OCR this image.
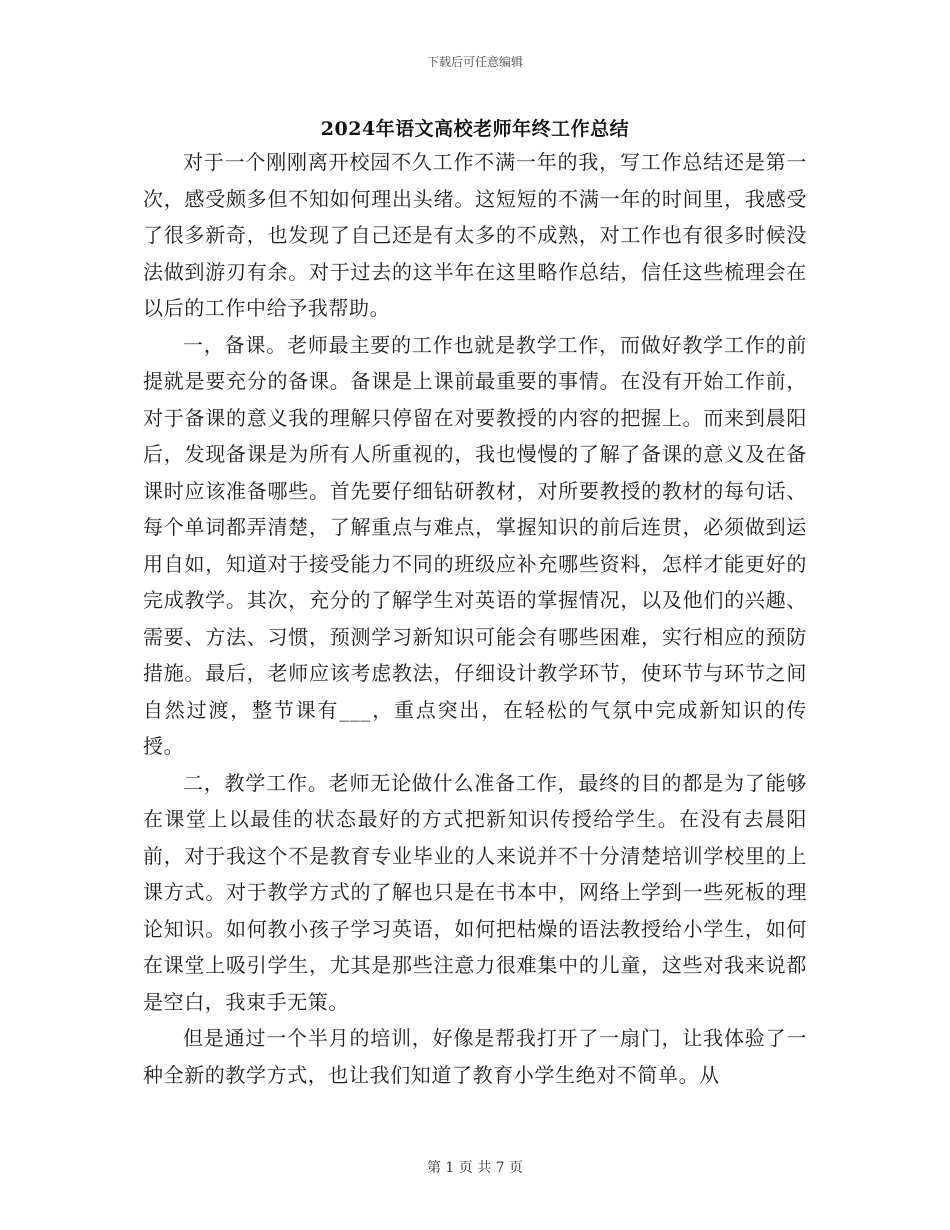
下载后可任意编辑
2024年语文高校老师年终工作总结

对于一个刚刚离开校园不久工作不满一年的我，写工作总结还是第一次，感受颇多但不知如何理出头绪。这短短的不满一年的时间里，我感受了很多新奇，也发现了自己还是有太多的不成熟，对工作也有很多时候没法做到游刃有余。对于过去的这半年在这里略作总结，信任这些梳理会在以后的工作中给予我帮助。

一，备课。老师最主要的工作也就是教学工作，而做好教学工作的前提就是要充分的备课。备课是上课前最重要的事情。在没有开始工作前，对于备课的意义我的理解只停留在对要教授的内容的把握上。而来到晨阳后，发现备课是为所有人所重视的，我也慢慢的了解了备课的意义及在备课时应该准备哪些。首先要仔细钻研教材，对所要教授的教材的每句话、每个单词都弄清楚，了解重点与难点，掌握知识的前后连贯，必须做到运用自如，知道对于接受能力不同的班级应补充哪些资料，怎样才能更好的完成教学。其次，充分的了解学生对英语的掌握情况，以及他们的兴趣、需要、方法、习惯，预测学习新知识可能会有哪些困难，实行相应的预防措施。最后，老师应该考虑教法，仔细设计教学环节，使环节与环节之间自然过渡，整节课有___，重点突出，在轻松的气氛中完成新知识的传授。

二，教学工作。老师无论做什么准备工作，最终的目的都是为了能够在课堂上以最佳的状态最好的方式把新知识传授给学生。在没有去晨阳前，对于我这个不是教育专业毕业的人来说并不十分清楚培训学校里的上课方式。对于教学方式的了解也只是在书本中，网络上学到一些死板的理论知识。如何教小孩子学习英语，如何把枯燥的语法教授给小学生，如何在课堂上吸引学生，尤其是那些注意力很难集中的儿童，这些对我来说都是空白，我束手无策。

但是通过一个半月的培训，好像是帮我打开了一扇门，让我体验了一种全新的教学方式，也让我们知道了教育小学生绝对不简单。从

第 1 页 共 7 页
